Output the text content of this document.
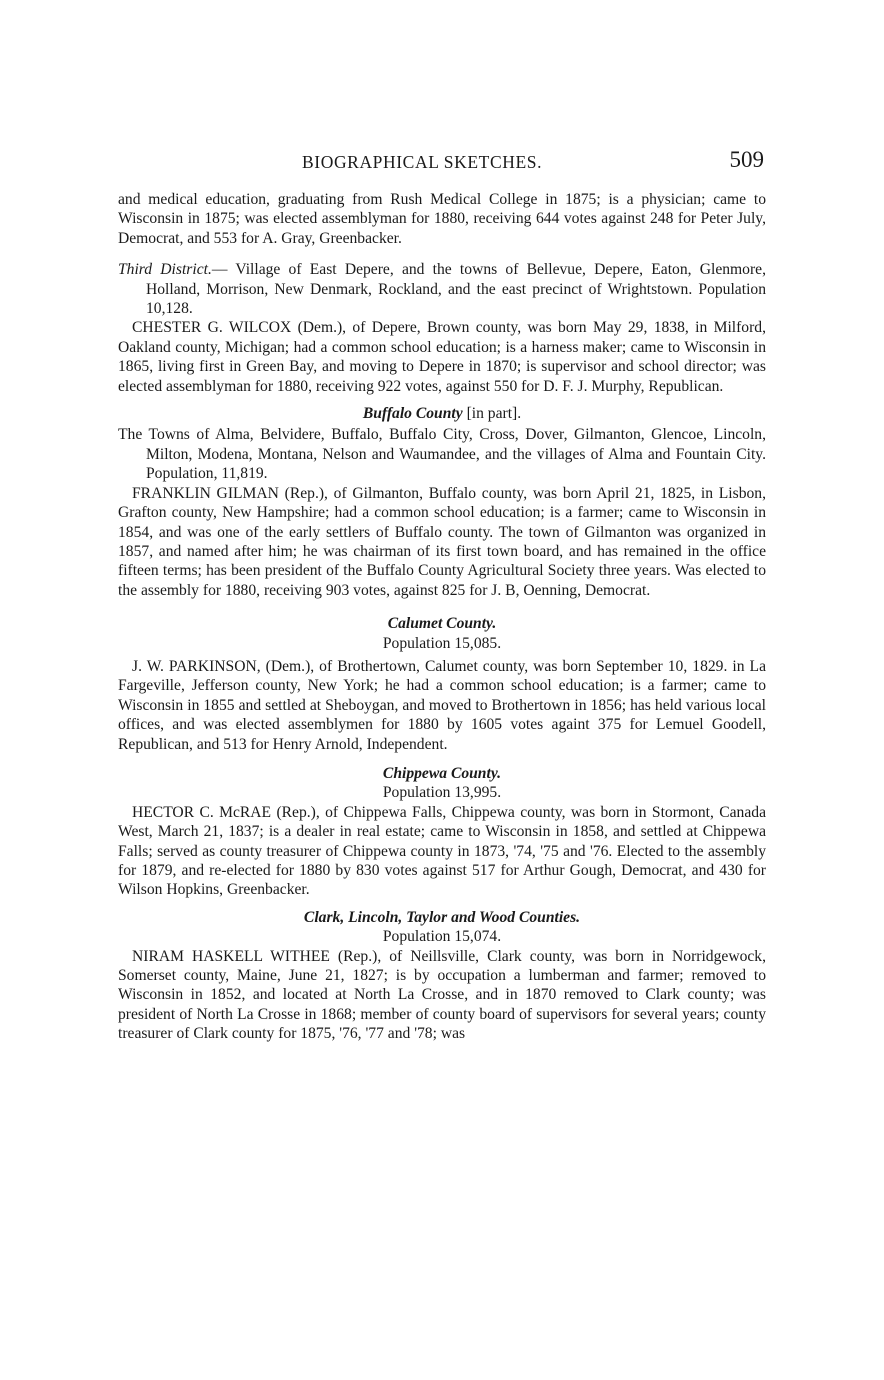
BIOGRAPHICAL SKETCHES.	509

and medical education, graduating from Rush Medical College in 1875; is a physician; came to Wisconsin in 1875; was elected assemblyman for 1880, receiving 644 votes against 248 for Peter July, Democrat, and 553 for A. Gray, Greenbacker.

Third District.— Village of East Depere, and the towns of Bellevue, Depere, Eaton, Glenmore, Holland, Morrison, New Denmark, Rockland, and the east precinct of Wrightstown. Population 10,128.

CHESTER G. WILCOX (Dem.), of Depere, Brown county, was born May 29, 1838, in Milford, Oakland county, Michigan; had a common school education; is a harness maker; came to Wisconsin in 1865, living first in Green Bay, and moving to Depere in 1870; is supervisor and school director; was elected assemblyman for 1880, receiving 922 votes, against 550 for D. F. J. Murphy, Republican.

Buffalo County [in part].

The Towns of Alma, Belvidere, Buffalo, Buffalo City, Cross, Dover, Gilmanton, Glencoe, Lincoln, Milton, Modena, Montana, Nelson and Waumandee, and the villages of Alma and Fountain City. Population, 11,819.

FRANKLIN GILMAN (Rep.), of Gilmanton, Buffalo county, was born April 21, 1825, in Lisbon, Grafton county, New Hampshire; had a common school education; is a farmer; came to Wisconsin in 1854, and was one of the early settlers of Buffalo county. The town of Gilmanton was organized in 1857, and named after him; he was chairman of its first town board, and has remained in the office fifteen terms; has been president of the Buffalo County Agricultural Society three years. Was elected to the assembly for 1880, receiving 903 votes, against 825 for J. B, Oenning, Democrat.

Calumet County.

Population 15,085.

J. W. PARKINSON, (Dem.), of Brothertown, Calumet county, was born September 10, 1829. in La Fargeville, Jefferson county, New York; he had a common school education; is a farmer; came to Wisconsin in 1855 and settled at Sheboygan, and moved to Brothertown in 1856; has held various local offices, and was elected assemblymen for 1880 by 1605 votes againt 375 for Lemuel Goodell, Republican, and 513 for Henry Arnold, Independent.

Chippewa County.

Population 13,995.

HECTOR C. McRAE (Rep.), of Chippewa Falls, Chippewa county, was born in Stormont, Canada West, March 21, 1837; is a dealer in real estate; came to Wisconsin in 1858, and settled at Chippewa Falls; served as county treasurer of Chippewa county in 1873, '74, '75 and '76. Elected to the assembly for 1879, and re-elected for 1880 by 830 votes against 517 for Arthur Gough, Democrat, and 430 for Wilson Hopkins, Greenbacker.

Clark, Lincoln, Taylor and Wood Counties.

Population 15,074.

NIRAM HASKELL WITHEE (Rep.), of Neillsville, Clark county, was born in Norridgewock, Somerset county, Maine, June 21, 1827; is by occupation a lumberman and farmer; removed to Wisconsin in 1852, and located at North La Crosse, and in 1870 removed to Clark county; was president of North La Crosse in 1868; member of county board of supervisors for several years; county treasurer of Clark county for 1875, '76, '77 and '78; was
